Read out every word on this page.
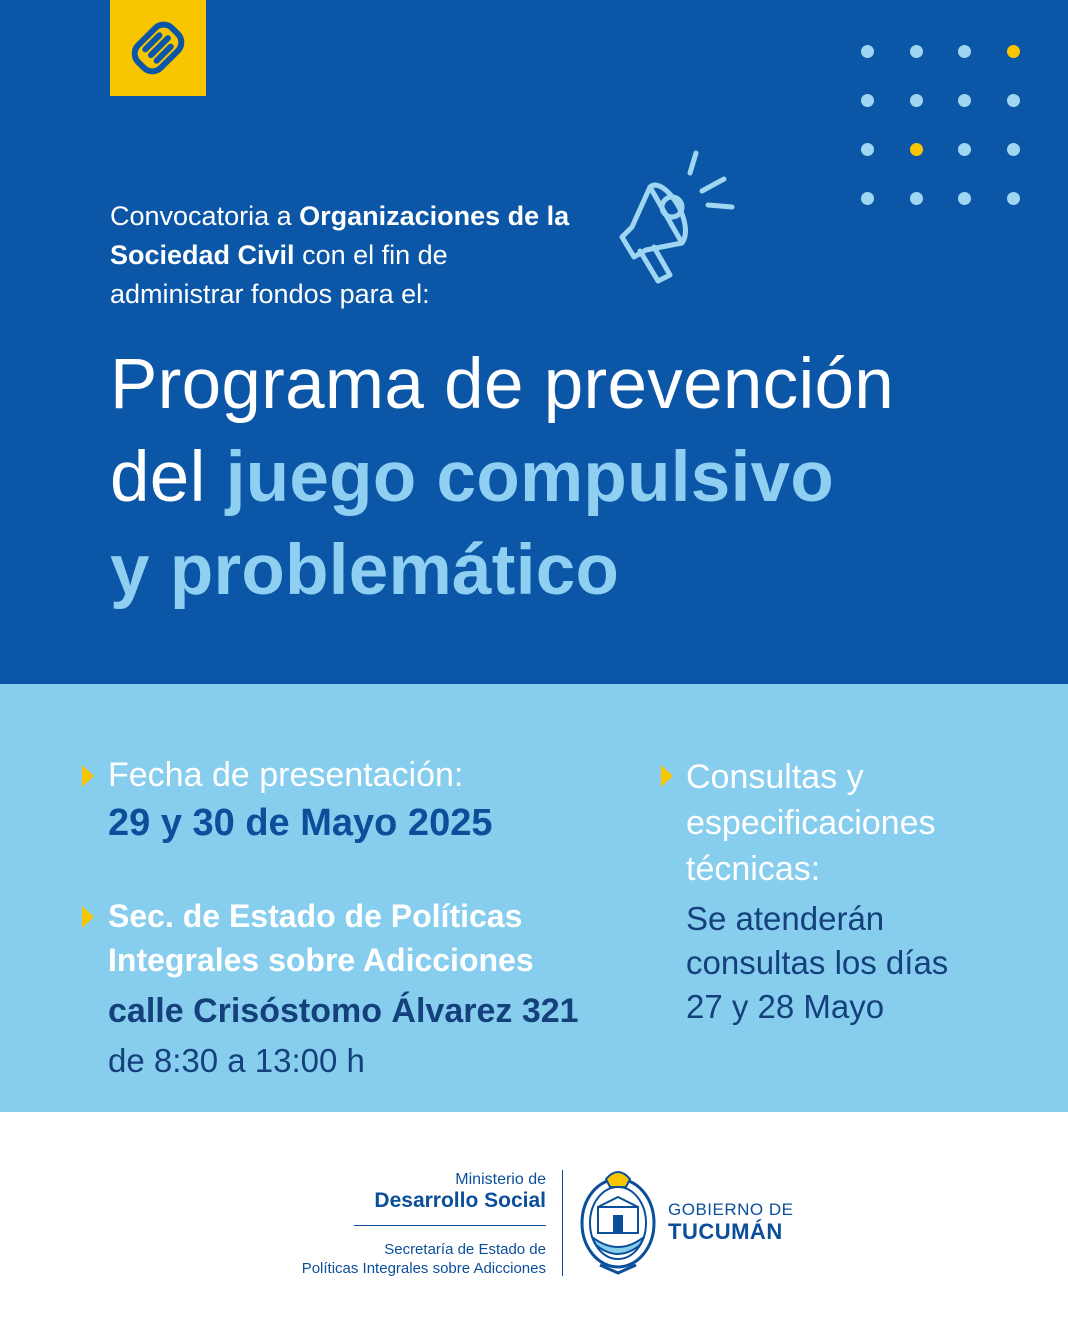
Convocatoria a Organizaciones de la Sociedad Civil con el fin de administrar fondos para el:
Programa de prevención
del juego compulsivo
y problemático
Fecha de presentación:
29 y 30 de Mayo 2025
Sec. de Estado de Políticas
Integrales sobre Adicciones
calle Crisóstomo Álvarez 321
de 8:30 a 13:00 h
Consultas y
especificaciones
técnicas:
Se atenderán
consultas los días
27 y 28 Mayo
Ministerio de
Desarrollo Social
Secretaría de Estado de
Políticas Integrales sobre Adicciones
GOBIERNO DE
TUCUMÁN
